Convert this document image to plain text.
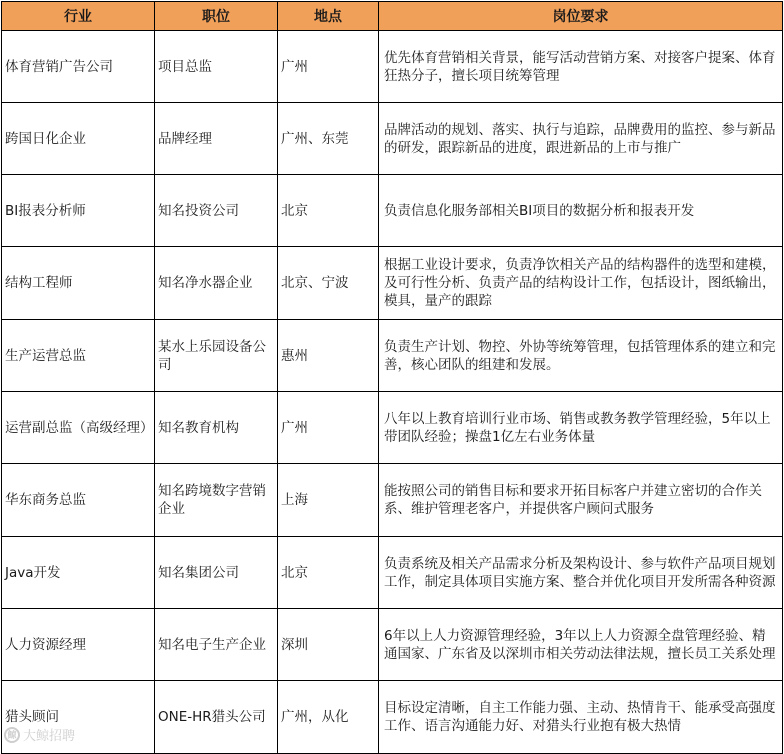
行业	职位	地点	岗位要求
体育营销广告公司	项目总监	广州	优先体育营销相关背景，能写活动营销方案、对接客户提案、体育狂热分子，擅长项目统筹管理
跨国日化企业	品牌经理	广州、东莞	品牌活动的规划、落实、执行与追踪，品牌费用的监控、参与新品的研发，跟踪新品的进度，跟进新品的上市与推广
BI报表分析师	知名投资公司	北京	负责信息化服务部相关BI项目的数据分析和报表开发
结构工程师	知名净水器企业	北京、宁波	根据工业设计要求，负责净饮相关产品的结构器件的选型和建模，及可行性分析、负责产品的结构设计工作，包括设计，图纸输出，模具，量产的跟踪
生产运营总监	某水上乐园设备公司	惠州	负责生产计划、物控、外协等统筹管理，包括管理体系的建立和完善，核心团队的组建和发展。
运营副总监（高级经理）	知名教育机构	广州	八年以上教育培训行业市场、销售或教务教学管理经验，5年以上带团队经验；操盘1亿左右业务体量
华东商务总监	知名跨境数字营销企业	上海	能按照公司的销售目标和要求开拓目标客户并建立密切的合作关系、维护管理老客户，并提供客户顾问式服务
Java开发	知名集团公司	北京	负责系统及相关产品需求分析及架构设计、参与软件产品项目规划工作，制定具体项目实施方案、整合并优化项目开发所需各种资源
人力资源经理	知名电子生产企业	深圳	6年以上人力资源管理经验，3年以上人力资源全盘管理经验、精通国家、广东省及以深圳市相关劳动法律法规，擅长员工关系处理
猎头顾问	ONE-HR猎头公司	广州，从化	目标设定清晰，自主工作能力强、主动、热情肯干、能承受高强度工作、语言沟通能力好、对猎头行业抱有极大热情
鲸 大鲸招聘
